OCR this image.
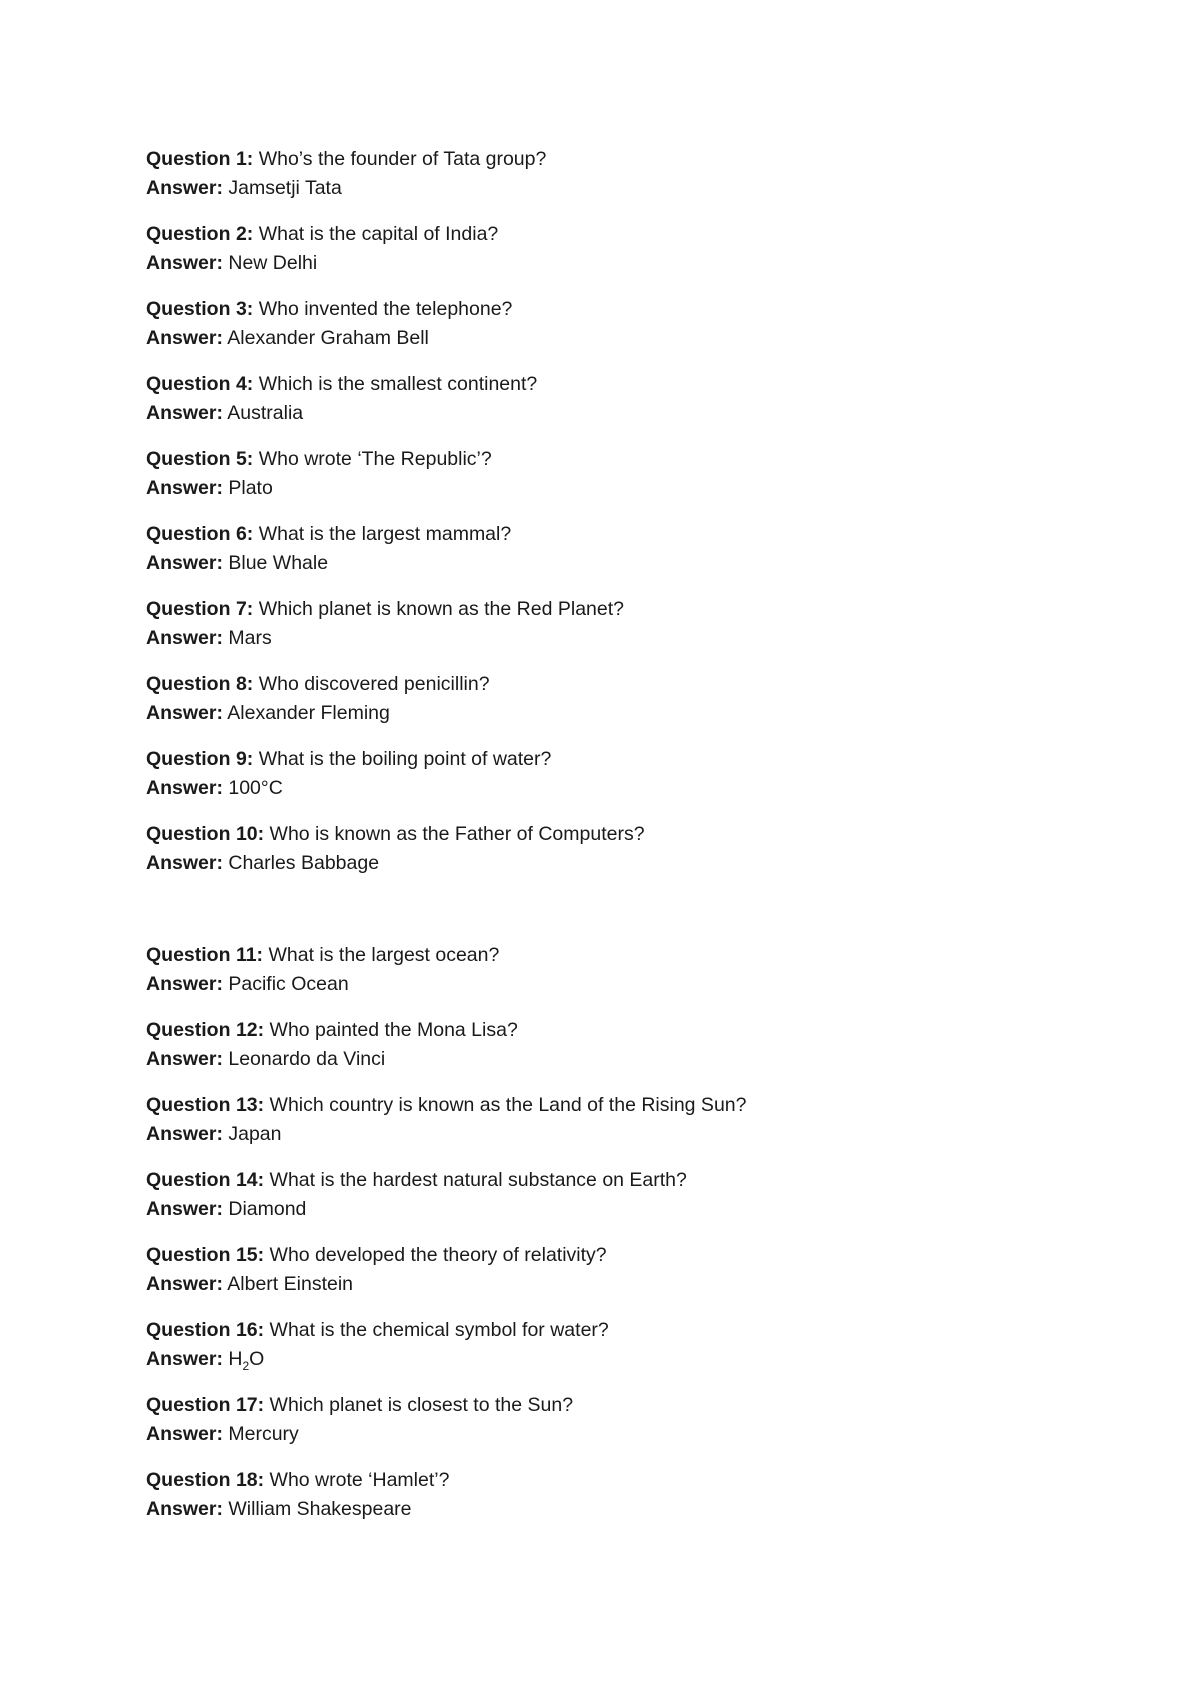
Question 1: Who’s the founder of Tata group?
Answer: Jamsetji Tata
Question 2: What is the capital of India?
Answer: New Delhi
Question 3: Who invented the telephone?
Answer: Alexander Graham Bell
Question 4: Which is the smallest continent?
Answer: Australia
Question 5: Who wrote ‘The Republic’?
Answer: Plato
Question 6: What is the largest mammal?
Answer: Blue Whale
Question 7: Which planet is known as the Red Planet?
Answer: Mars
Question 8: Who discovered penicillin?
Answer: Alexander Fleming
Question 9: What is the boiling point of water?
Answer: 100°C
Question 10: Who is known as the Father of Computers?
Answer: Charles Babbage
Question 11: What is the largest ocean?
Answer: Pacific Ocean
Question 12: Who painted the Mona Lisa?
Answer: Leonardo da Vinci
Question 13: Which country is known as the Land of the Rising Sun?
Answer: Japan
Question 14: What is the hardest natural substance on Earth?
Answer: Diamond
Question 15: Who developed the theory of relativity?
Answer: Albert Einstein
Question 16: What is the chemical symbol for water?
Answer: $H_2O$
Question 17: Which planet is closest to the Sun?
Answer: Mercury
Question 18: Who wrote ‘Hamlet’?
Answer: William Shakespeare
